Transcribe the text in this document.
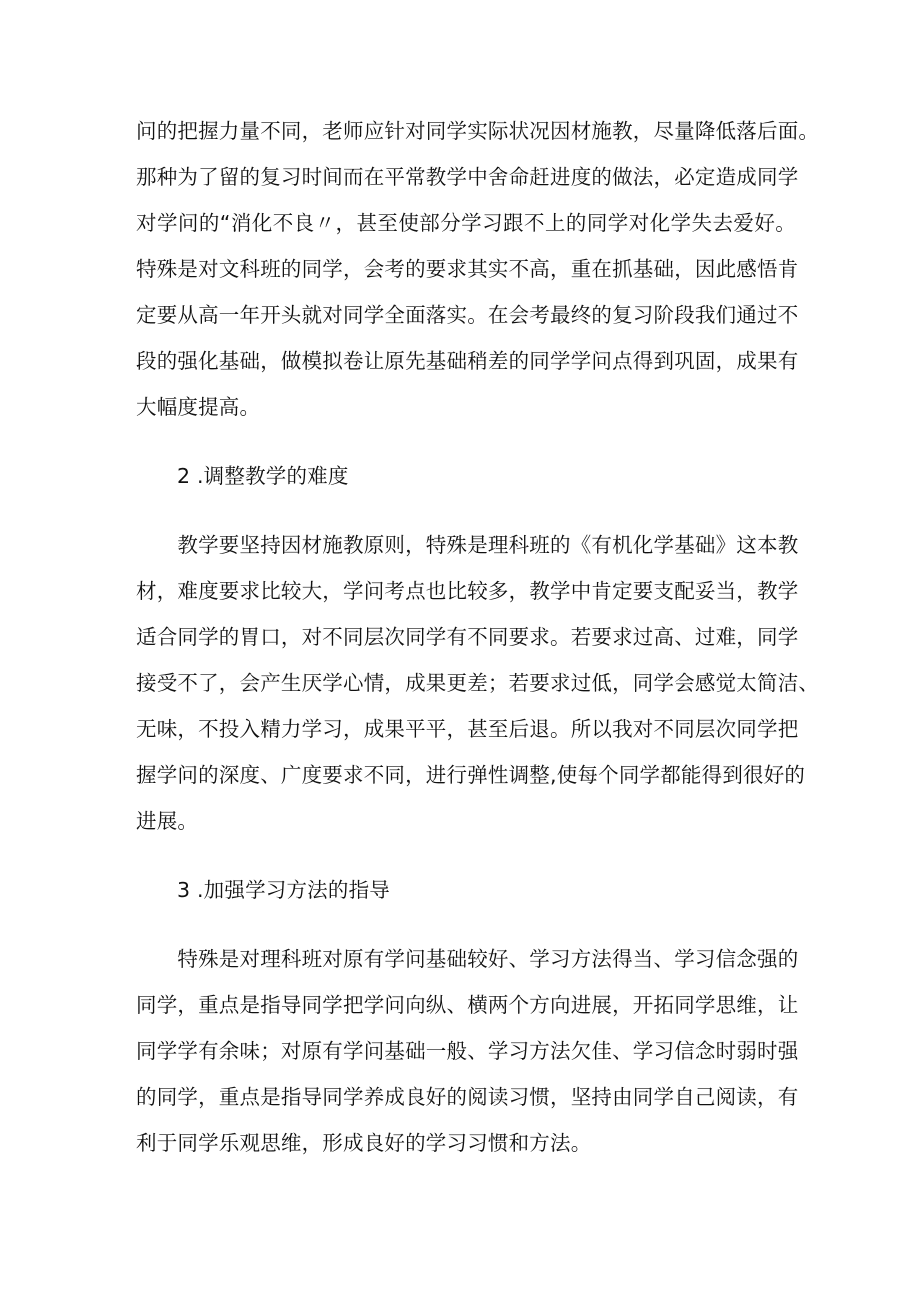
问的把握力量不同，老师应针对同学实际状况因材施教，尽量降低落后面。
那种为了留的复习时间而在平常教学中舍命赶进度的做法，必定造成同学
对学问的“消化不良〃，甚至使部分学习跟不上的同学对化学失去爱好。
特殊是对文科班的同学，会考的要求其实不高，重在抓基础，因此感悟肯
定要从高一年开头就对同学全面落实。在会考最终的复习阶段我们通过不
段的强化基础，做模拟卷让原先基础稍差的同学学问点得到巩固，成果有
大幅度提高。

2 .调整教学的难度

　　教学要坚持因材施教原则，特殊是理科班的《有机化学基础》这本教
材，难度要求比较大，学问考点也比较多，教学中肯定要支配妥当，教学
适合同学的胃口，对不同层次同学有不同要求。若要求过高、过难，同学
接受不了，会产生厌学心情，成果更差；若要求过低，同学会感觉太简洁、
无味，不投入精力学习，成果平平，甚至后退。所以我对不同层次同学把
握学问的深度、广度要求不同，进行弹性调整,使每个同学都能得到很好的
进展。

3 .加强学习方法的指导

　　特殊是对理科班对原有学问基础较好、学习方法得当、学习信念强的
同学，重点是指导同学把学问向纵、横两个方向进展，开拓同学思维，让
同学学有余味；对原有学问基础一般、学习方法欠佳、学习信念时弱时强
的同学，重点是指导同学养成良好的阅读习惯，坚持由同学自己阅读，有
利于同学乐观思维，形成良好的学习习惯和方法。
